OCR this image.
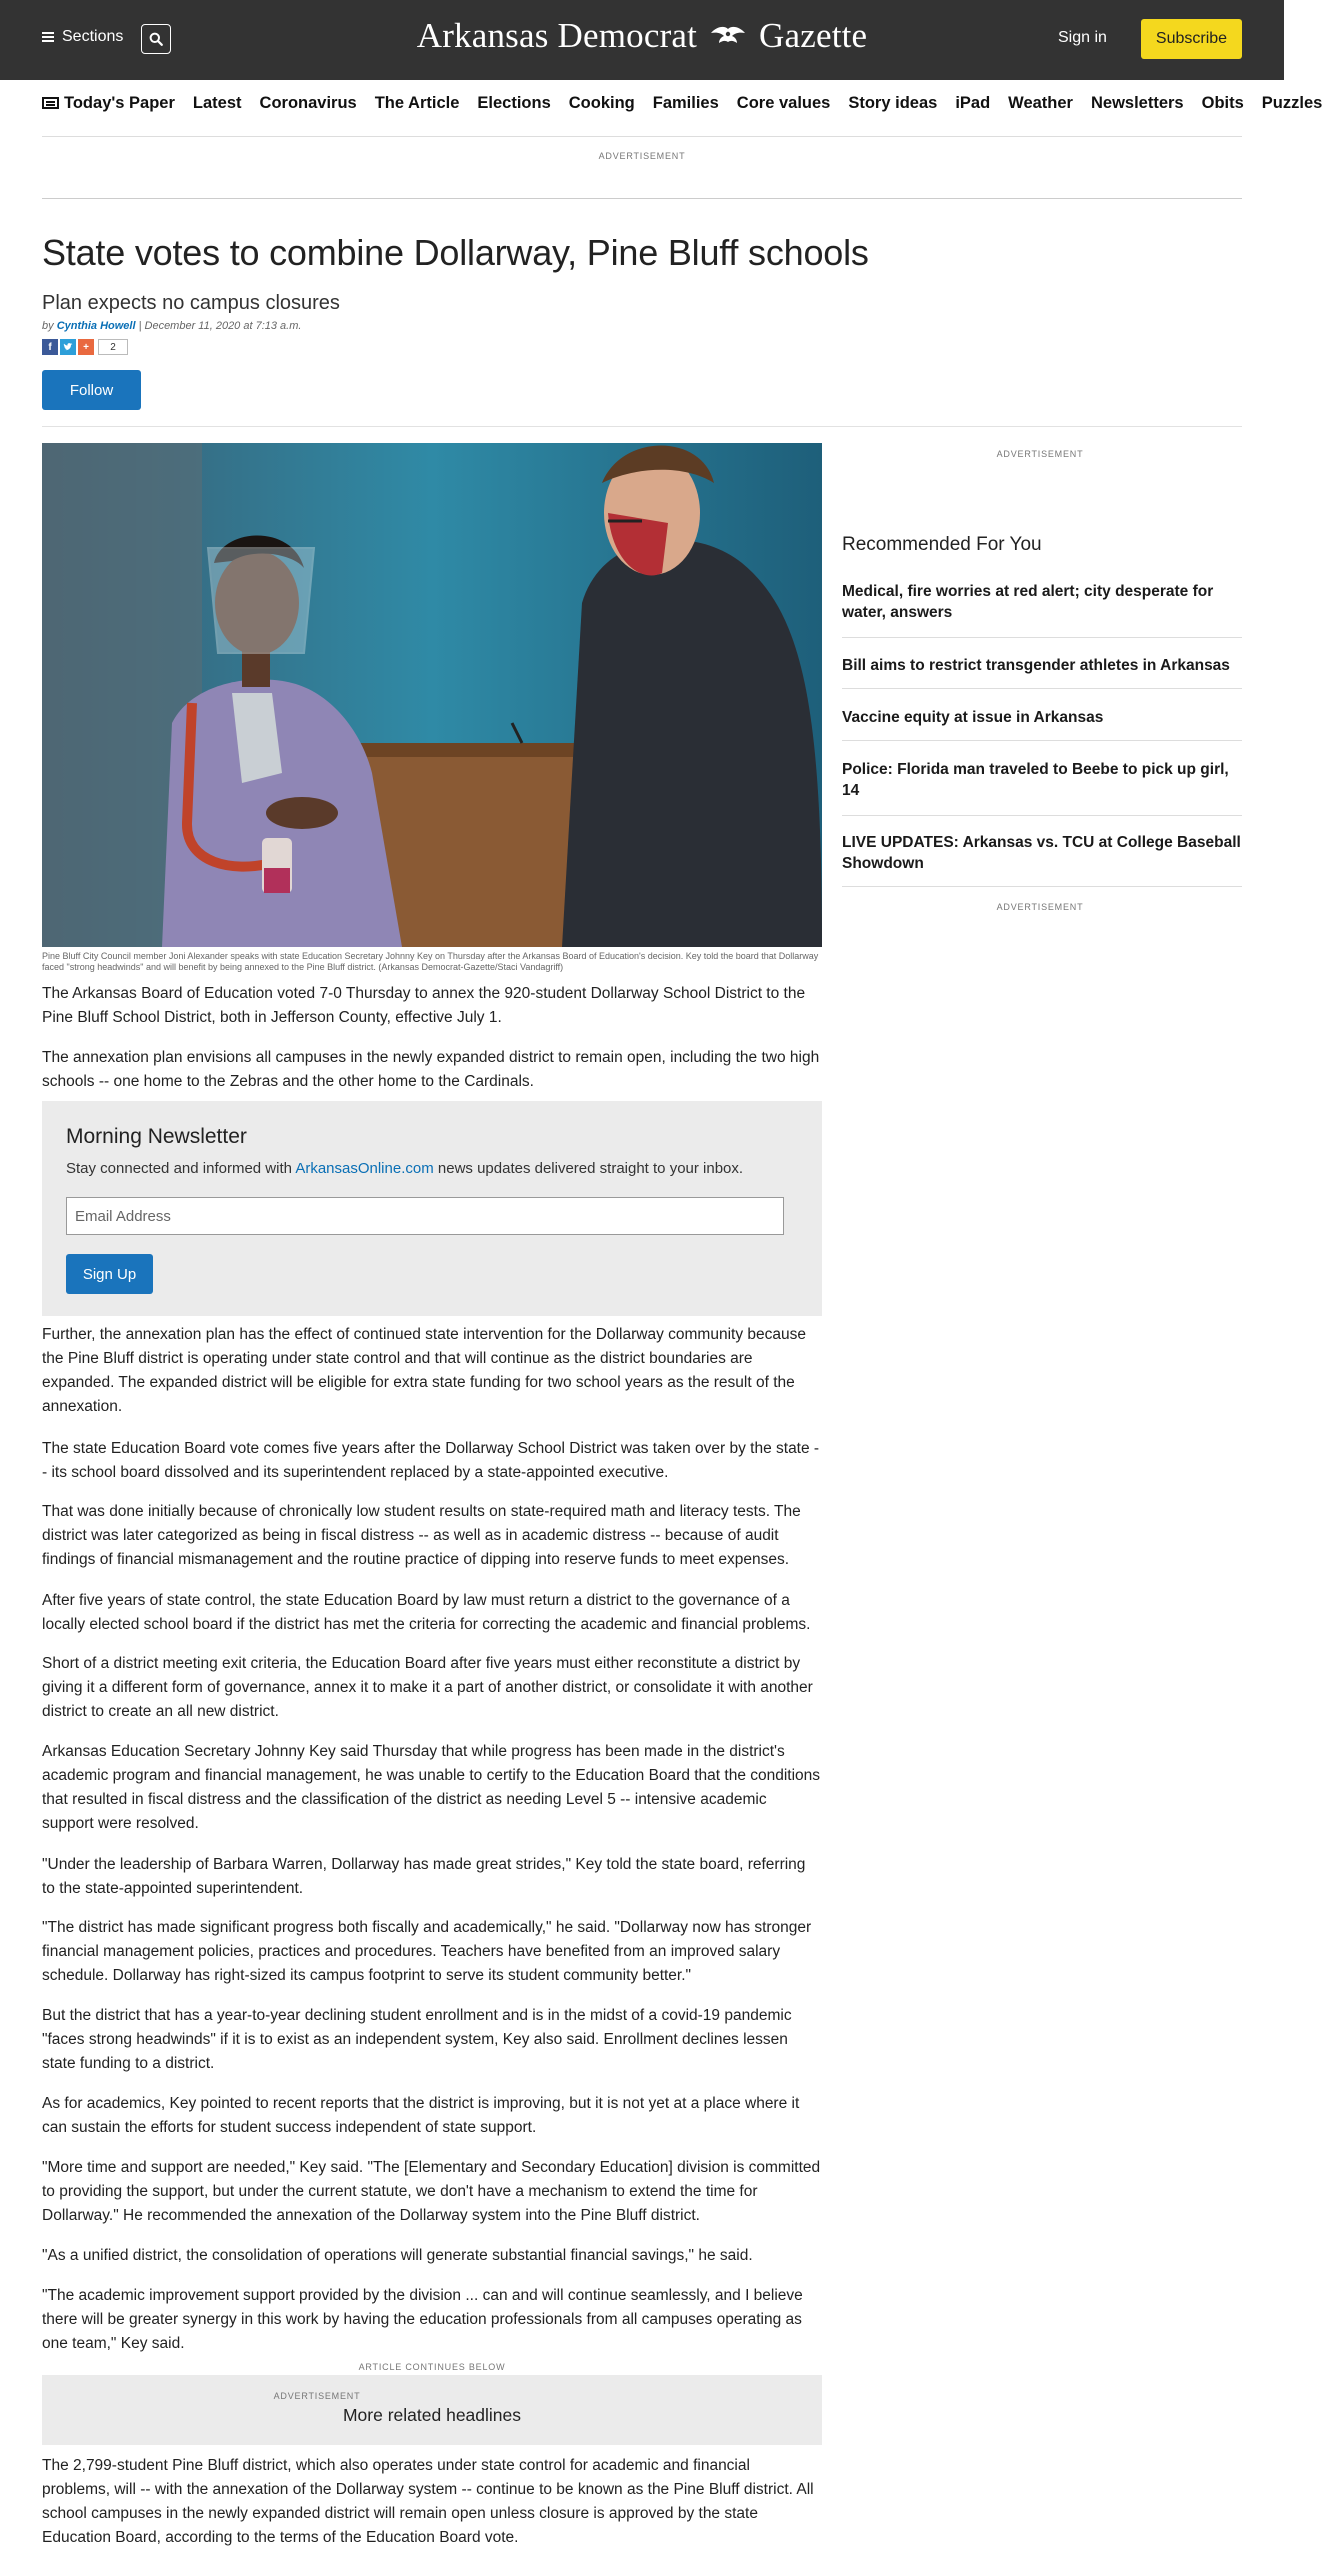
Sections	Arkansas Democrat Gazette	Sign in	Subscribe
Today's Paper Latest Coronavirus The Article Elections Cooking Families Core values Story ideas iPad Weather Newsletters Obits Puzzles
ADVERTISEMENT
State votes to combine Dollarway, Pine Bluff schools
Plan expects no campus closures
by Cynthia Howell | December 11, 2020 at 7:13 a.m.
f	+	2
Follow
Pine Bluff City Council member Joni Alexander speaks with state Education Secretary Johnny Key on Thursday after the Arkansas Board of Education's decision. Key told the board that Dollarway faced "strong headwinds" and will benefit by being annexed to the Pine Bluff district. (Arkansas Democrat-Gazette/Staci Vandagriff)

The Arkansas Board of Education voted 7-0 Thursday to annex the 920-student Dollarway School District to the Pine Bluff School District, both in Jefferson County, effective July 1.

The annexation plan envisions all campuses in the newly expanded district to remain open, including the two high schools -- one home to the Zebras and the other home to the Cardinals.

Morning Newsletter
Stay connected and informed with ArkansasOnline.com news updates delivered straight to your inbox.
Email Address
Sign Up

Further, the annexation plan has the effect of continued state intervention for the Dollarway community because the Pine Bluff district is operating under state control and that will continue as the district boundaries are expanded. The expanded district will be eligible for extra state funding for two school years as the result of the annexation.

The state Education Board vote comes five years after the Dollarway School District was taken over by the state -- its school board dissolved and its superintendent replaced by a state-appointed executive.

That was done initially because of chronically low student results on state-required math and literacy tests. The district was later categorized as being in fiscal distress -- as well as in academic distress -- because of audit findings of financial mismanagement and the routine practice of dipping into reserve funds to meet expenses.

After five years of state control, the state Education Board by law must return a district to the governance of a locally elected school board if the district has met the criteria for correcting the academic and financial problems.

Short of a district meeting exit criteria, the Education Board after five years must either reconstitute a district by giving it a different form of governance, annex it to make it a part of another district, or consolidate it with another district to create an all new district.

Arkansas Education Secretary Johnny Key said Thursday that while progress has been made in the district's academic program and financial management, he was unable to certify to the Education Board that the conditions that resulted in fiscal distress and the classification of the district as needing Level 5 -- intensive academic support were resolved.

"Under the leadership of Barbara Warren, Dollarway has made great strides," Key told the state board, referring to the state-appointed superintendent.

"The district has made significant progress both fiscally and academically," he said. "Dollarway now has stronger financial management policies, practices and procedures. Teachers have benefited from an improved salary schedule. Dollarway has right-sized its campus footprint to serve its student community better."

But the district that has a year-to-year declining student enrollment and is in the midst of a covid-19 pandemic "faces strong headwinds" if it is to exist as an independent system, Key also said. Enrollment declines lessen state funding to a district.

As for academics, Key pointed to recent reports that the district is improving, but it is not yet at a place where it can sustain the efforts for student success independent of state support.

"More time and support are needed," Key said. "The [Elementary and Secondary Education] division is committed to providing the support, but under the current statute, we don't have a mechanism to extend the time for Dollarway." He recommended the annexation of the Dollarway system into the Pine Bluff district.

"As a unified district, the consolidation of operations will generate substantial financial savings," he said.

"The academic improvement support provided by the division ... can and will continue seamlessly, and I believe there will be greater synergy in this work by having the education professionals from all campuses operating as one team," Key said.

ARTICLE CONTINUES BELOW
ADVERTISEMENT
More related headlines

The 2,799-student Pine Bluff district, which also operates under state control for academic and financial problems, will -- with the annexation of the Dollarway system -- continue to be known as the Pine Bluff district. All school campuses in the newly expanded district will remain open unless closure is approved by the state Education Board, according to the terms of the Education Board vote.

ADVERTISEMENT
Recommended For You
Medical, fire worries at red alert; city desperate for water, answers
Bill aims to restrict transgender athletes in Arkansas
Vaccine equity at issue in Arkansas
Police: Florida man traveled to Beebe to pick up girl, 14
LIVE UPDATES: Arkansas vs. TCU at College Baseball Showdown
ADVERTISEMENT
